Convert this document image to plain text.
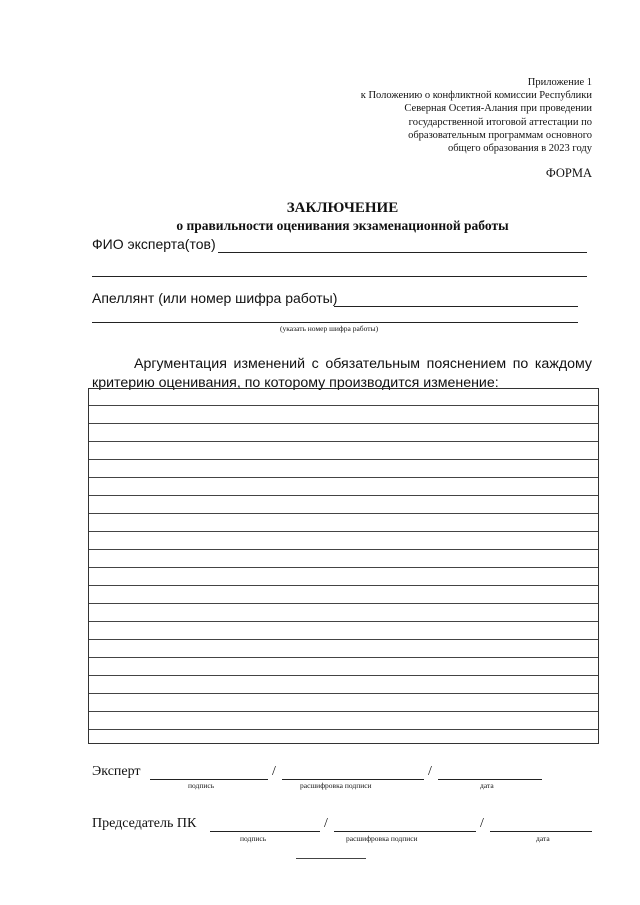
Приложение 1
к Положению о конфликтной комиссии Республики
Северная Осетия-Алания при проведении
государственной итоговой аттестации по
образовательным программам основного
общего образования в 2023 году
ФОРМА
ЗАКЛЮЧЕНИЕ
о правильности оценивания экзаменационной работы
ФИО эксперта(тов)
Апеллянт (или номер шифра работы)
(указать номер шифра работы)
Аргументация изменений с обязательным пояснением по каждому
критерию оценивания, по которому производится изменение:
Эксперт	/	/
подпись	расшифровка подписи	дата
Председатель ПК	/	/
подпись	расшифровка подписи	дата
